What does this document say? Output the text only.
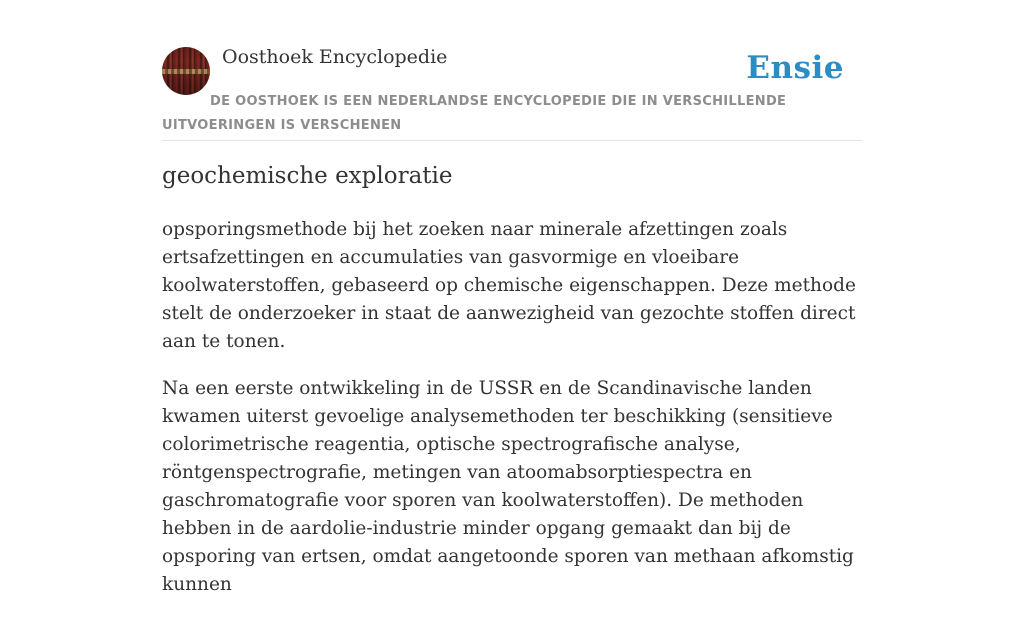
Oosthoek Encyclopedie	Ensie
DE OOSTHOEK IS EEN NEDERLANDSE ENCYCLOPEDIE DIE IN VERSCHILLENDE UITVOERINGEN IS VERSCHENEN
geochemische exploratie

opsporingsmethode bij het zoeken naar minerale afzettingen zoals ertsafzettingen en accumulaties van gasvormige en vloeibare koolwaterstoffen, gebaseerd op chemische eigenschappen. Deze methode stelt de onderzoeker in staat de aanwezigheid van gezochte stoffen direct aan te tonen.

Na een eerste ontwikkeling in de USSR en de Scandinavische landen kwamen uiterst gevoelige analysemethoden ter beschikking (sensitieve colorimetrische reagentia, optische spectrografische analyse, röntgenspectrografie, metingen van atoomabsorptiespectra en gaschromatografie voor sporen van koolwaterstoffen). De methoden hebben in de aardolie-industrie minder opgang gemaakt dan bij de opsporing van ertsen, omdat aangetoonde sporen van methaan afkomstig kunnen
